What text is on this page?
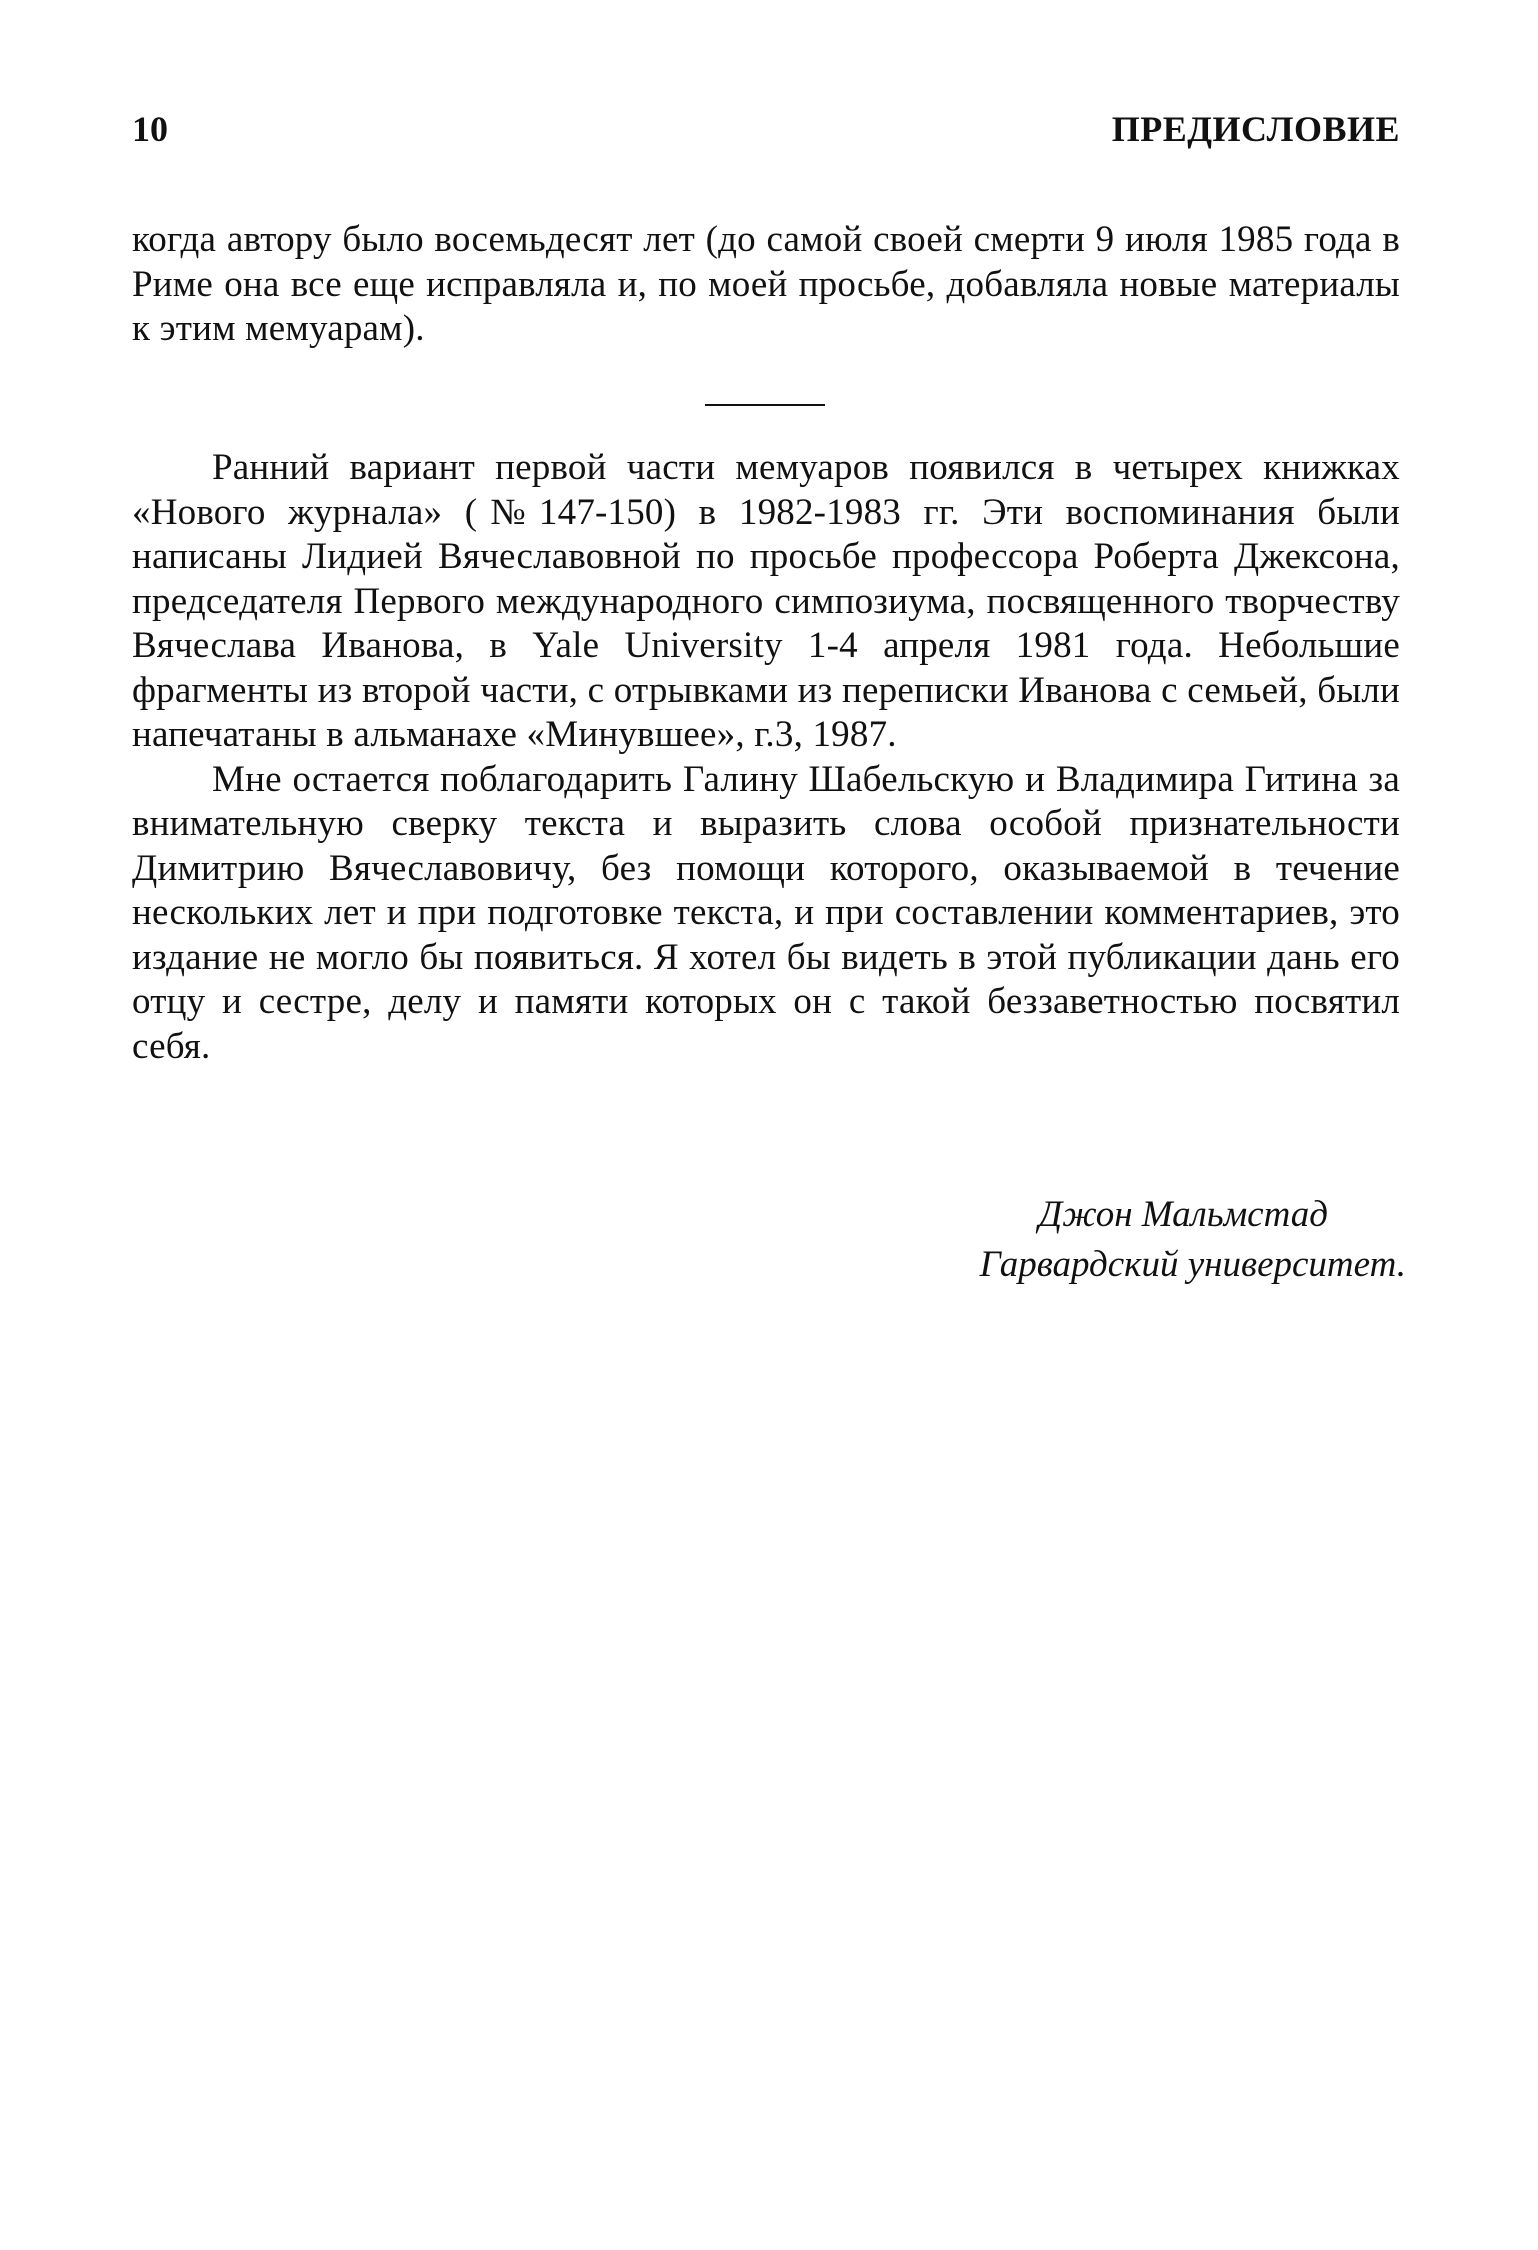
10	ПРЕДИСЛОВИЕ

когда автору было восемьдесят лет (до самой своей смерти 9 июля 1985 года в Риме она все еще исправляла и, по моей просьбе, добавляла новые материалы к этим мемуарам).

Ранний вариант первой части мемуаров появился в четырех книжках «Нового журнала» (№147-150) в 1982-1983 гг. Эти воспоминания были написаны Лидией Вячеславовной по просьбе профессора Роберта Джексона, председателя Первого международного симпозиума, посвященного творчеству Вячеслава Иванова, в Yale University 1-4 апреля 1981 года. Небольшие фрагменты из второй части, с отрывками из переписки Иванова с семьей, были напечатаны в альманахе «Минувшее», г.3, 1987.

Мне остается поблагодарить Галину Шабельскую и Владимира Гитина за внимательную сверку текста и выразить слова особой признательности Димитрию Вячеславовичу, без помощи которого, оказываемой в течение нескольких лет и при подготовке текста, и при составлении комментариев, это издание не могло бы появиться. Я хотел бы видеть в этой публикации дань его отцу и сестре, делу и памяти которых он с такой беззаветностью посвятил себя.

Джон Мальмстад
Гарвардский университет.
